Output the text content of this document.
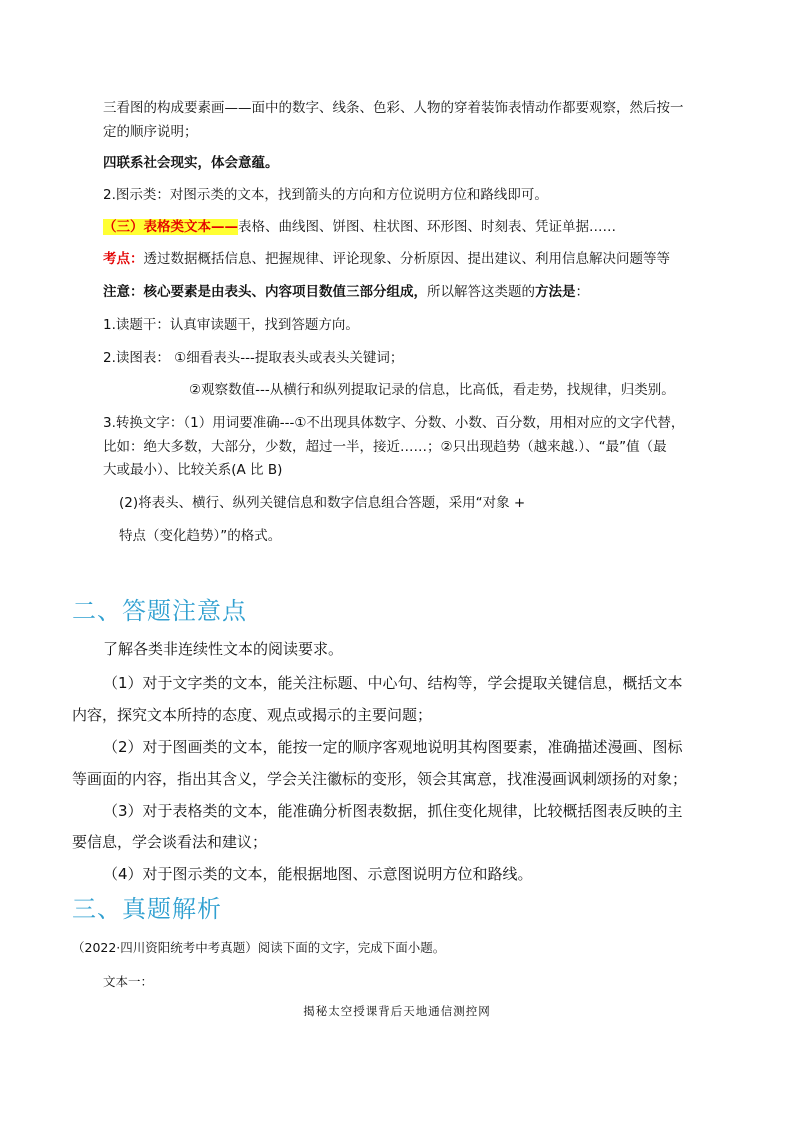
三看图的构成要素画——面中的数字、线条、色彩、人物的穿着装饰表情动作都要观察，然后按一
定的顺序说明；
四联系社会现实，体会意蕴。
2.图示类：对图示类的文本，找到箭头的方向和方位说明方位和路线即可。
（三）表格类文本——表格、曲线图、饼图、柱状图、环形图、时刻表、凭证单据……
考点：透过数据概括信息、把握规律、评论现象、分析原因、提出建议、利用信息解决问题等等
注意：核心要素是由表头、内容项目数值三部分组成，所以解答这类题的方法是：
1.读题干：认真审读题干，找到答题方向。
2.读图表： ①细看表头---提取表头或表头关键词；
②观察数值---从横行和纵列提取记录的信息，比高低，看走势，找规律，归类别。
3.转换文字：（1）用词要准确---①不出现具体数字、分数、小数、百分数，用相对应的文字代替，
比如：绝大多数，大部分，少数，超过一半，接近……；②只出现趋势（越来越.）、“最”值（最
大或最小）、比较关系(A 比 B)
(2)将表头、横行、纵列关键信息和数字信息组合答题，采用“对象 +
特点（变化趋势）”的格式。
二、答题注意点
了解各类非连续性文本的阅读要求。
（1）对于文字类的文本，能关注标题、中心句、结构等，学会提取关键信息，概括文本
内容，探究文本所持的态度、观点或揭示的主要问题；
（2）对于图画类的文本，能按一定的顺序客观地说明其构图要素，准确描述漫画、图标
等画面的内容，指出其含义，学会关注徽标的变形，领会其寓意，找准漫画讽刺颂扬的对象；
（3）对于表格类的文本，能准确分析图表数据，抓住变化规律，比较概括图表反映的主
要信息，学会谈看法和建议；
（4）对于图示类的文本，能根据地图、示意图说明方位和路线。
三、真题解析
（2022·四川资阳统考中考真题）阅读下面的文字，完成下面小题。
文本一：
揭秘太空授课背后天地通信测控网
